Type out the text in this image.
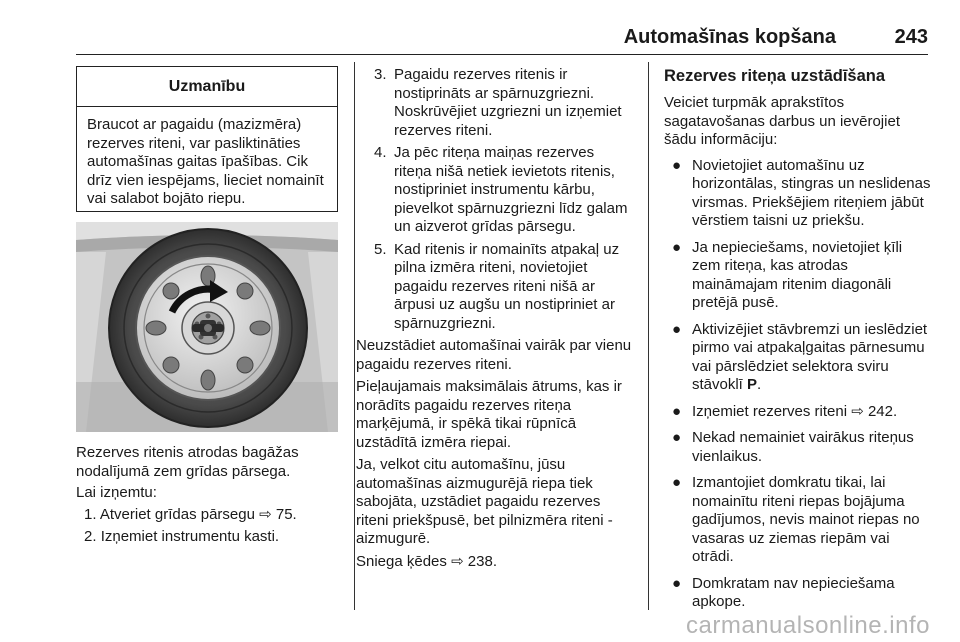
Automašīnas kopšana	243
Uzmanību
Braucot ar pagaidu (mazizmēra) rezerves riteni, var pasliktināties automašīnas gaitas īpašības. Cik drīz vien iespējams, lieciet nomainīt vai salabot bojāto riepu.

Rezerves ritenis atrodas bagāžas nodalījumā zem grīdas pārsega.

Lai izņemtu:

1. Atveriet grīdas pārsegu ⇨ 75.
2. Izņemiet instrumentu kasti.
3. Pagaidu rezerves ritenis ir nostiprināts ar spārnuzgriezni. Noskrūvējiet uzgriezni un izņemiet rezerves riteni.
4. Ja pēc riteņa maiņas rezerves riteņa nišā netiek ievietots ritenis, nostipriniet instrumentu kārbu, pievelkot spārnuzgriezni līdz galam un aizverot grīdas pārsegu.
5. Kad ritenis ir nomainīts atpakaļ uz pilna izmēra riteni, novietojiet pagaidu rezerves riteni nišā ar ārpusi uz augšu un nostipriniet ar spārnuzgriezni.

Neuzstādiet automašīnai vairāk par vienu pagaidu rezerves riteni.

Pieļaujamais maksimālais ātrums, kas ir norādīts pagaidu rezerves riteņa marķējumā, ir spēkā tikai rūpnīcā uzstādītā izmēra riepai.

Ja, velkot citu automašīnu, jūsu automašīnas aizmugurējā riepa tiek sabojāta, uzstādiet pagaidu rezerves riteni priekšpusē, bet pilnizmēra riteni - aizmugurē.

Sniega ķēdes ⇨ 238.

Rezerves riteņa uzstādīšana

Veiciet turpmāk aprakstītos sagatavošanas darbus un ievērojiet šādu informāciju:

● Novietojiet automašīnu uz horizontālas, stingras un neslidenas virsmas. Priekšējiem riteņiem jābūt vērstiem taisni uz priekšu.
● Ja nepieciešams, novietojiet ķīli zem riteņa, kas atrodas maināmajam ritenim diagonāli pretējā pusē.
● Aktivizējiet stāvbremzi un ieslēdziet pirmo vai atpakaļgaitas pārnesumu vai pārslēdziet selektora sviru stāvoklī P.
● Izņemiet rezerves riteni ⇨ 242.
● Nekad nemainiet vairākus riteņus vienlaikus.
● Izmantojiet domkratu tikai, lai nomainītu riteni riepas bojājuma gadījumos, nevis mainot riepas no vasaras uz ziemas riepām vai otrādi.
● Domkratam nav nepieciešama apkope.
carmanualsonline.info
